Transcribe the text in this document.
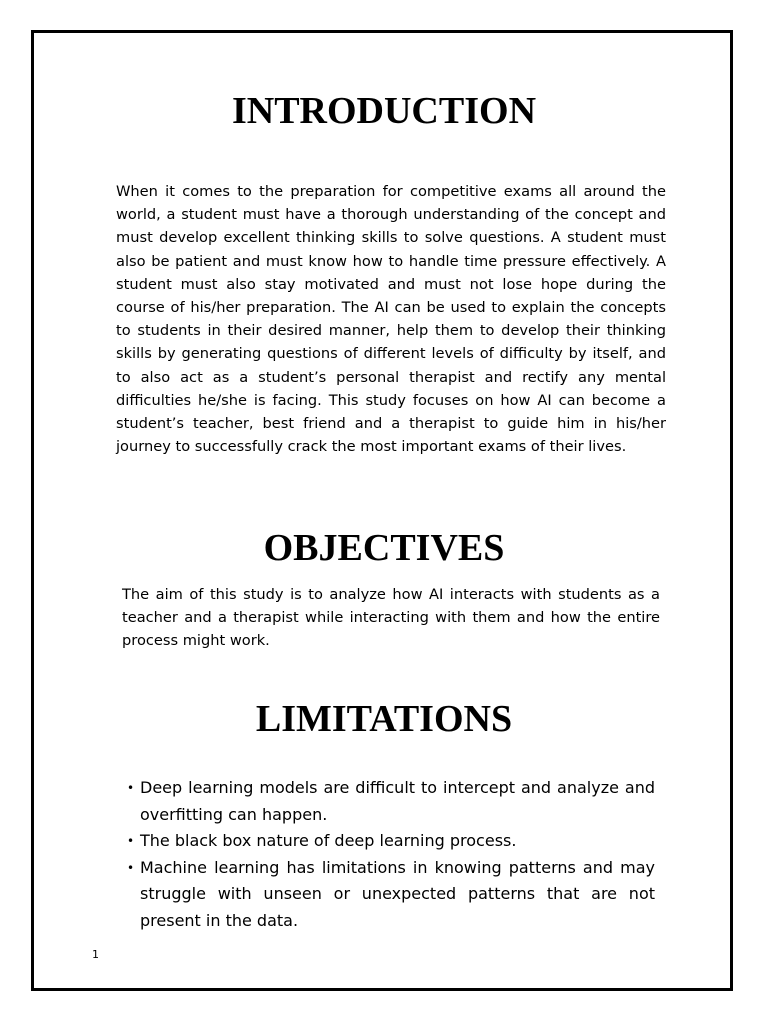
INTRODUCTION

When it comes to the preparation for competitive exams all around the world, a student must have a thorough understanding of the concept and must develop excellent thinking skills to solve questions. A student must also be patient and must know how to handle time pressure effectively. A student must also stay motivated and must not lose hope during the course of his/her preparation. The AI can be used to explain the concepts to students in their desired manner, help them to develop their thinking skills by generating questions of different levels of difficulty by itself, and to also act as a student’s personal therapist and rectify any mental difficulties he/she is facing. This study focuses on how AI can become a student’s teacher, best friend and a therapist to guide him in his/her journey to successfully crack the most important exams of their lives.

OBJECTIVES

The aim of this study is to analyze how AI interacts with students as a teacher and a therapist while interacting with them and how the entire process might work.

LIMITATIONS
• Deep learning models are difficult to intercept and analyze and overfitting can happen.
• The black box nature of deep learning process.
• Machine learning has limitations in knowing patterns and may struggle with unseen or unexpected patterns that are not present in the data.
1
